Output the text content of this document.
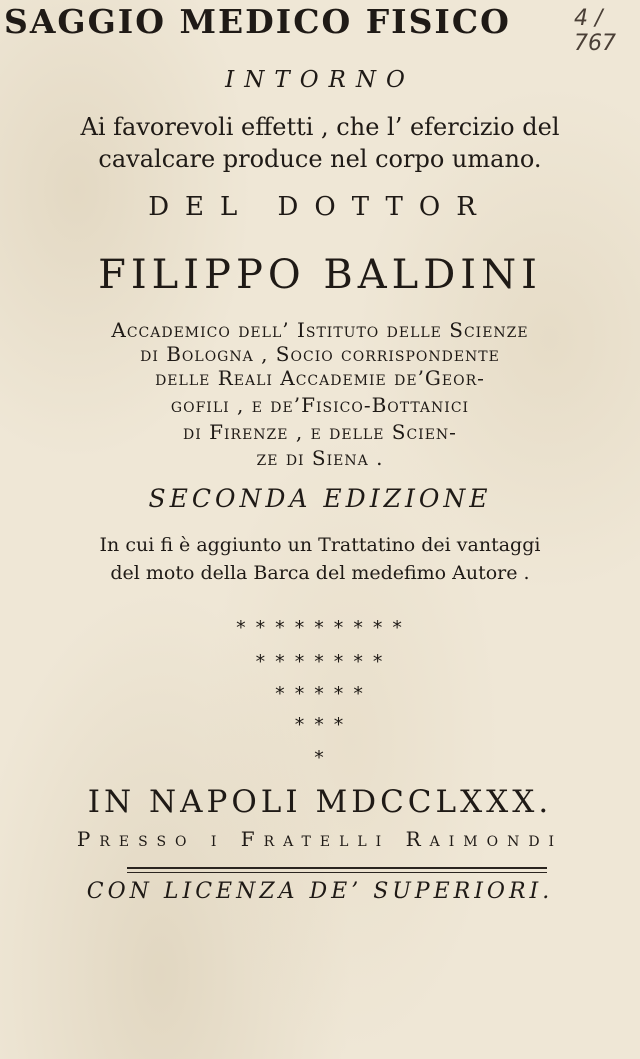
SAGGIO MEDICO FISICO	4 / 767
INTORNO
Ai favorevoli effetti , che l’ efercizio del
cavalcare produce nel corpo umano.
DEL DOTTOR
FILIPPO BALDINI
Accademico dell’ Istituto delle Scienze
di Bologna , Socio corrispondente
delle Reali Accademie de’Geor-
gofili , e de’Fisico-Bottanici
di Firenze , e delle Scien-
ze di Siena .
SECONDA EDIZIONE
In cui fi è aggiunto un Trattatino dei vantaggi
del moto della Barca del medefimo Autore .
* * * * * * * * *
* * * * * * *
* * * * *
* * *
*
IN NAPOLI MDCCLXXX.
Presso i Fratelli Raimondi
CON LICENZA DE’ SUPERIORI.
